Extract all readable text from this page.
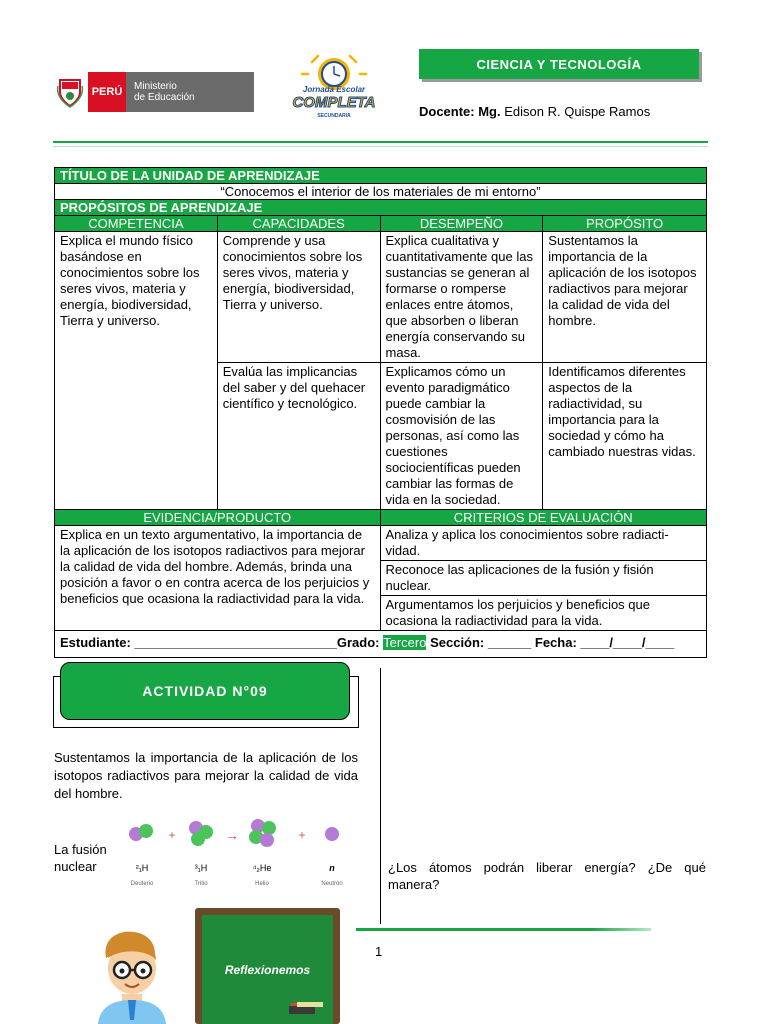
PERÚ	Ministerio
de Educación
Jornada Escolar
COMPLETA
SECUNDARIA
CIENCIA Y TECNOLOGÍA
Docente: Mg. Edison R. Quispe Ramos
TÍTULO DE LA UNIDAD DE APRENDIZAJE			
“Conocemos el interior de los materiales de mi entorno”			
PROPÓSITOS DE APRENDIZAJE			
COMPETENCIA	CAPACIDADES	DESEMPEÑO	PROPÓSITO
Explica el mundo físico basándose en conocimientos sobre los seres vivos, materia y energía, biodiversidad, Tierra y universo.	Comprende y usa conocimientos sobre los seres vivos, materia y energía, biodiversidad, Tierra y universo.	Explica cualitativa y cuantitativamente que las sustancias se generan al formarse o romperse enlaces entre átomos, que absorben o liberan energía conservando su masa.	Sustentamos la importancia de la aplicación de los isotopos radiactivos para mejorar la calidad de vida del hombre.
	Evalúa las implicancias del saber y del quehacer científico y tecnológico.	Explicamos cómo un evento paradigmático puede cambiar la cosmovisión de las personas, así como las cuestiones sociocientíficas pueden cambiar las formas de vida en la sociedad.	Identificamos diferentes aspectos de la radiactividad, su importancia para la sociedad y cómo ha cambiado nuestras vidas.
EVIDENCIA/PRODUCTO		CRITERIOS DE EVALUACIÓN	
Explica en un texto argumentativo, la importancia de la aplicación de los isotopos radiactivos para mejorar la calidad de vida del hombre. Además, brinda una posición a favor o en contra acerca de los perjuicios y beneficios que ocasiona la radiactividad para la vida.		Analiza y aplica los conocimientos sobre radiacti-vidad.	
		Reconoce las aplicaciones de la fusión y fisión nuclear.	
		Argumentamos los perjuicios y beneficios que ocasiona la radiactividad para la vida.	
Estudiante: ____________________________Grado: Tercero Sección: ______ Fecha: ____/____/____			
ACTIVIDAD N°09
Sustentamos la importancia de la aplicación de los isotopos radiactivos para mejorar la calidad de vida del hombre.
La fusión
nuclear
+	→	+
²₁H
Deuterio
³₁H
Tritio
⁴₂He
Helio
n
Neutrón
¿Los átomos podrán liberar energía? ¿De qué manera?
Reflexionemos
1
